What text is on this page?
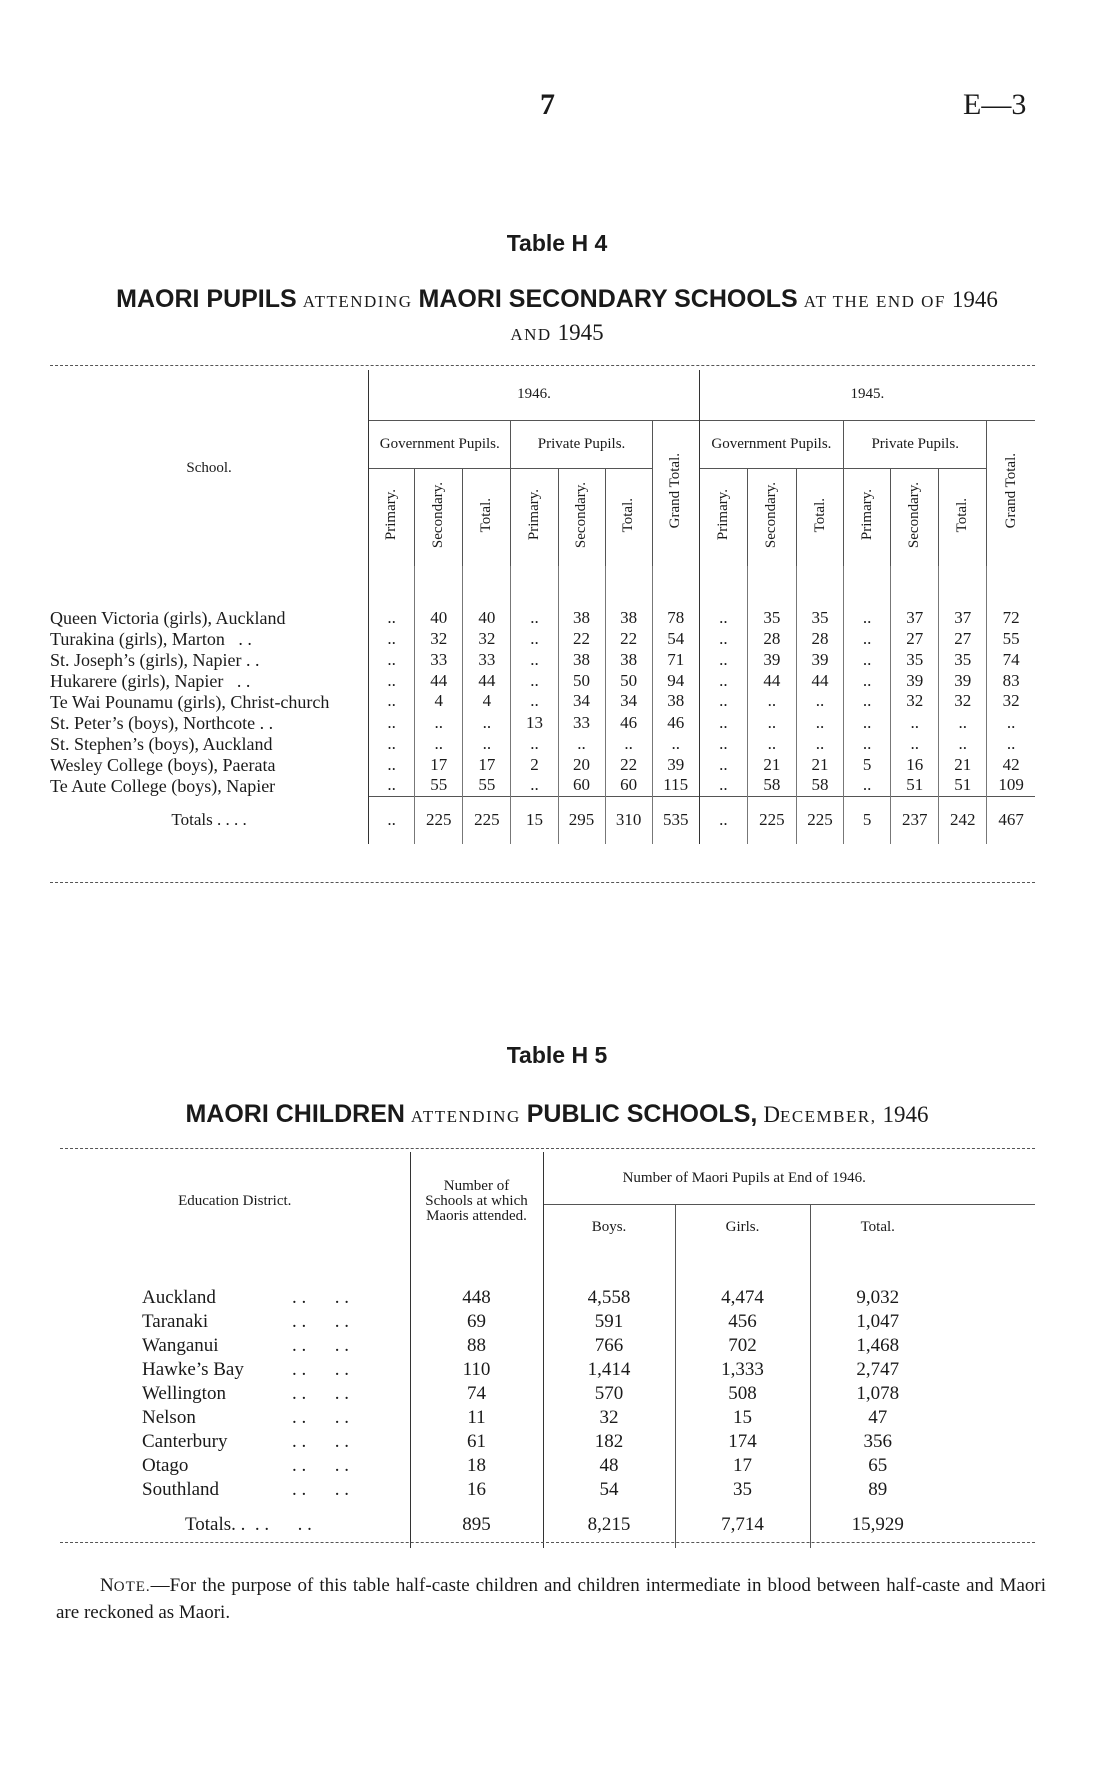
7	E—3
Table H 4
MAORI PUPILS ATTENDING MAORI SECONDARY SCHOOLS AT THE END OF 1946
AND 1945
School.	1946.							1945.						
	Government Pupils.			Private Pupils.			Grand Total.	Government Pupils.			Private Pupils.			Grand Total.
	Primary.	Secondary.	Total.	Primary.	Secondary.	Total.		Primary.	Secondary.	Total.	Primary.	Secondary.	Total.	
Queen Victoria (girls), Auckland	..	40	40	..	38	38	78	..	35	35	..	37	37	72
Turakina (girls), Marton   . .	..	32	32	..	22	22	54	..	28	28	..	27	27	55
St. Joseph’s (girls), Napier . .	..	33	33	..	38	38	71	..	39	39	..	35	35	74
Hukarere (girls), Napier   . .	..	44	44	..	50	50	94	..	44	44	..	39	39	83
Te Wai Pounamu (girls), Christ-church	..	4	4	..	34	34	38	..	..	..	..	32	32	32
St. Peter’s (boys), Northcote . .	..	..	..	13	33	46	46	..	..	..	..	..	..	..
St. Stephen’s (boys), Auckland	..	..	..	..	..	..	..	..	..	..	..	..	..	..
Wesley College (boys), Paerata	..	17	17	2	20	22	39	..	21	21	5	16	21	42
Te Aute College (boys), Napier	..	55	55	..	60	60	115	..	58	58	..	51	51	109
Totals . . . .	..	225	225	15	295	310	535	..	225	225	5	237	242	467
Table H 5
MAORI CHILDREN ATTENDING PUBLIC SCHOOLS, DECEMBER, 1946
Education District.	Number of Schools at which Maoris attended.	Number of Maori Pupils at End of 1946.			
		Boys.	Girls.	Total.	
Auckland . .      . .	448	4,558	4,474	9,032	
Taranaki . .      . .	69	591	456	1,047	
Wanganui . .      . .	88	766	702	1,468	
Hawke’s Bay . .      . .	110	1,414	1,333	2,747	
Wellington . .      . .	74	570	508	1,078	
Nelson . .      . .	11	32	15	47	
Canterbury . .      . .	61	182	174	356	
Otago . .      . .	18	48	17	65	
Southland . .      . .	16	54	35	89	
Totals. . . .      . .	895	8,215	7,714	15,929	
NOTE.—For the purpose of this table half-caste children and children intermediate in blood between half-caste and Maori are reckoned as Maori.
